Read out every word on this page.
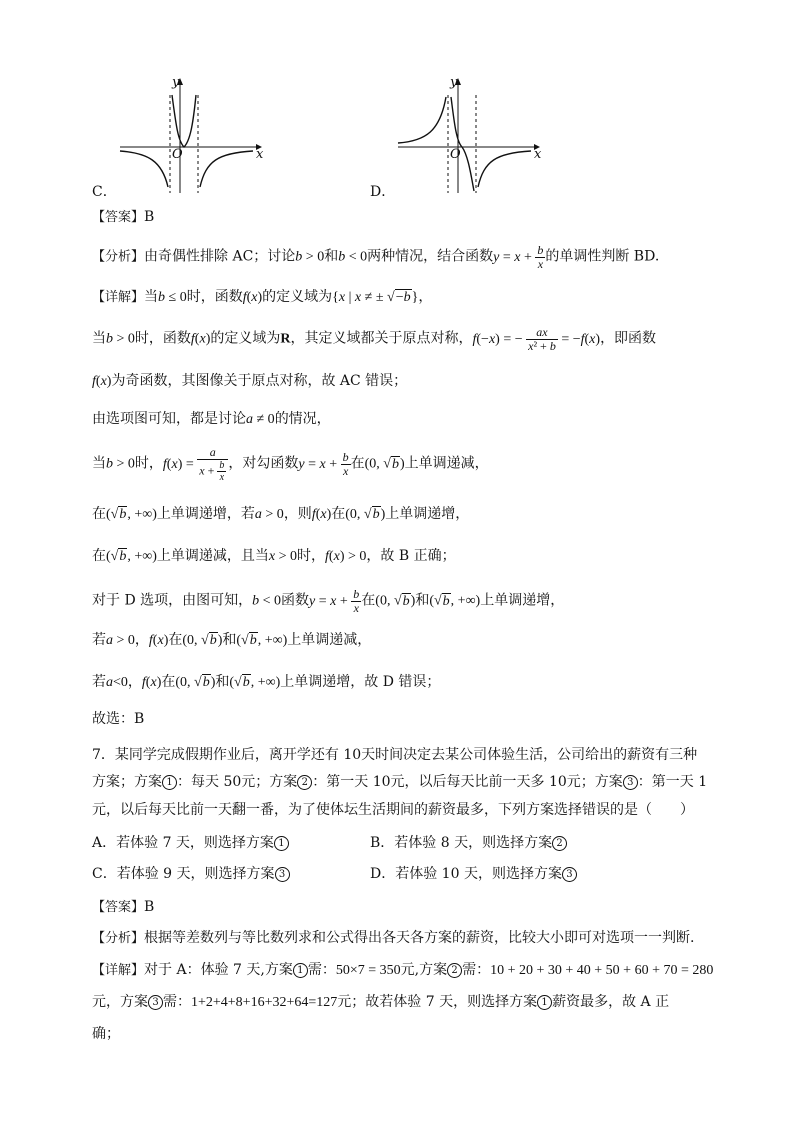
y
x
O
C．
y
x
O
D．
【答案】B
【分析】由奇偶性排除 AC；讨论b > 0和b < 0两种情况，结合函数$y = x + \frac{b}{x}$ 的单调性判断 BD.
【详解】当b ≤ 0时，函数f(x)的定义域为{x | x ≠ ± √−b}，
当b > 0时，函数f(x)的定义域为R，其定义域都关于原点对称，f(−x) = − $\frac{ax}{\text{x² + b}} = -f(x)$，即函数
f(x)为奇函数，其图像关于原点对称，故 AC 错误；
由选项图可知，都是讨论a ≠ 0的情况，
当b > 0时，$f(x) = \frac{a}{x + \frac{b}{x}}$ ，对勾函数$y = x + \frac{b}{x}$ 在(0, √b)上单调递减，
在(√b, +∞)上单调递增，若a > 0，则f(x)在(0, √b)上单调递增，
在(√b, +∞)上单调递减，且当x > 0时，f(x) > 0，故 B 正确；
对于 D 选项，由图可知，b < 0函数$y = x + \frac{b}{x}$ 在(0, √b)和(√b, +∞)上单调递增，
若a > 0，f(x)在(0, √b)和(√b, +∞)上单调递减，
若a<0，f(x)在(0, √b)和(√b, +∞)上单调递增，故 D 错误；
故选：B
7．某同学完成假期作业后，离开学还有 10天时间决定去某公司体验生活，公司给出的薪资有三种
方案；方案 1 ：每天 50元；方案 2 ：第一天 10元，以后每天比前一天多 10元；方案 3 ：第一天 1
元，以后每天比前一天翻一番，为了使体坛生活期间的薪资最多，下列方案选择错误的是（　　）
A．若体验 7 天，则选择方案 1	B．若体验 8 天，则选择方案 2
C．若体验 9 天，则选择方案 3	D．若体验 10 天，则选择方案 3
【答案】B
【分析】根据等差数列与等比数列求和公式得出各天各方案的薪资，比较大小即可对选项一一判断.
【详解】对于 A：体验 7 天,方案 1 需：50×7 = 350元,方案 2 需：10 + 20 + 30 + 40 + 50 + 60 + 70 = 280
元，方案 3 需：1+2+4+8+16+32+64=127元；故若体验 7 天，则选择方案 1 薪资最多，故 A 正
确；
